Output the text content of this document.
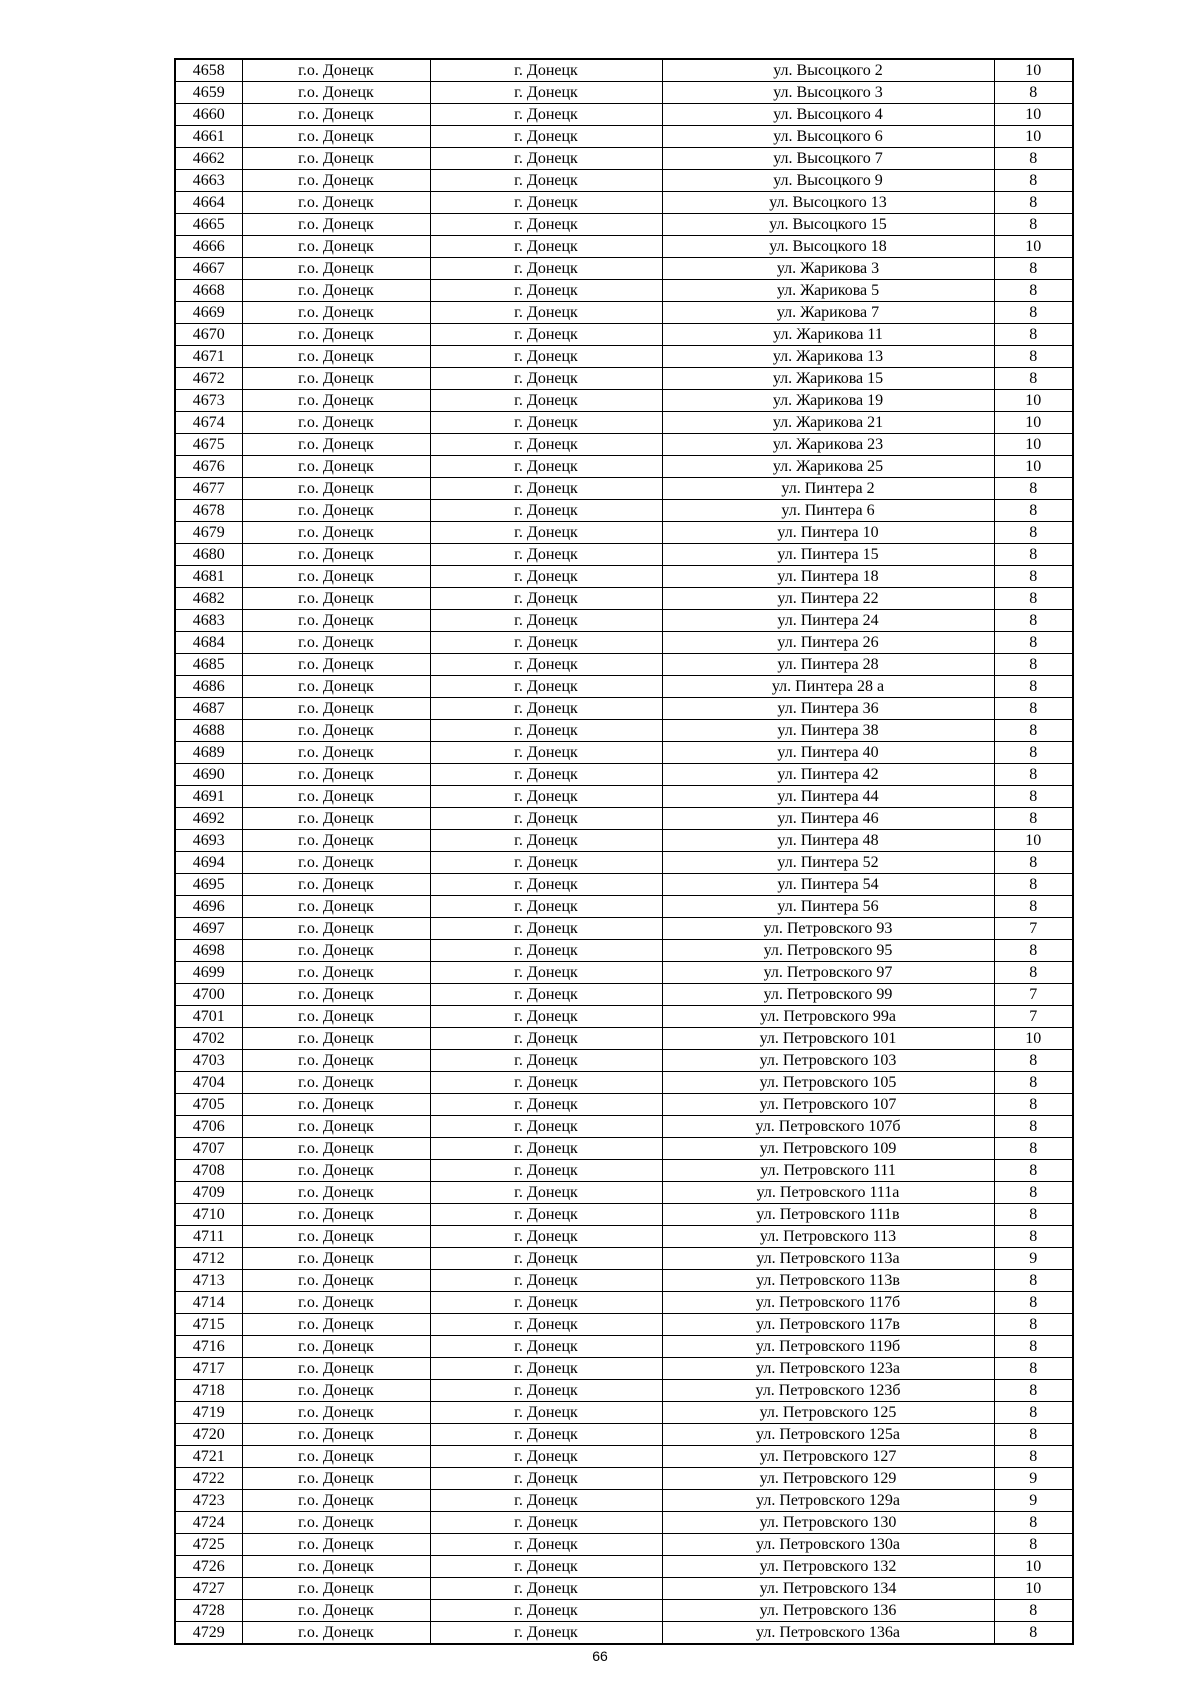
4658	г.о. Донецк	г. Донецк	ул. Высоцкого 2	10
4659	г.о. Донецк	г. Донецк	ул. Высоцкого 3	8
4660	г.о. Донецк	г. Донецк	ул. Высоцкого 4	10
4661	г.о. Донецк	г. Донецк	ул. Высоцкого 6	10
4662	г.о. Донецк	г. Донецк	ул. Высоцкого 7	8
4663	г.о. Донецк	г. Донецк	ул. Высоцкого 9	8
4664	г.о. Донецк	г. Донецк	ул. Высоцкого 13	8
4665	г.о. Донецк	г. Донецк	ул. Высоцкого 15	8
4666	г.о. Донецк	г. Донецк	ул. Высоцкого 18	10
4667	г.о. Донецк	г. Донецк	ул. Жарикова 3	8
4668	г.о. Донецк	г. Донецк	ул. Жарикова 5	8
4669	г.о. Донецк	г. Донецк	ул. Жарикова 7	8
4670	г.о. Донецк	г. Донецк	ул. Жарикова 11	8
4671	г.о. Донецк	г. Донецк	ул. Жарикова 13	8
4672	г.о. Донецк	г. Донецк	ул. Жарикова 15	8
4673	г.о. Донецк	г. Донецк	ул. Жарикова 19	10
4674	г.о. Донецк	г. Донецк	ул. Жарикова 21	10
4675	г.о. Донецк	г. Донецк	ул. Жарикова 23	10
4676	г.о. Донецк	г. Донецк	ул. Жарикова 25	10
4677	г.о. Донецк	г. Донецк	ул. Пинтера 2	8
4678	г.о. Донецк	г. Донецк	ул. Пинтера 6	8
4679	г.о. Донецк	г. Донецк	ул. Пинтера 10	8
4680	г.о. Донецк	г. Донецк	ул. Пинтера 15	8
4681	г.о. Донецк	г. Донецк	ул. Пинтера 18	8
4682	г.о. Донецк	г. Донецк	ул. Пинтера 22	8
4683	г.о. Донецк	г. Донецк	ул. Пинтера 24	8
4684	г.о. Донецк	г. Донецк	ул. Пинтера 26	8
4685	г.о. Донецк	г. Донецк	ул. Пинтера 28	8
4686	г.о. Донецк	г. Донецк	ул. Пинтера 28 а	8
4687	г.о. Донецк	г. Донецк	ул. Пинтера 36	8
4688	г.о. Донецк	г. Донецк	ул. Пинтера 38	8
4689	г.о. Донецк	г. Донецк	ул. Пинтера 40	8
4690	г.о. Донецк	г. Донецк	ул. Пинтера 42	8
4691	г.о. Донецк	г. Донецк	ул. Пинтера 44	8
4692	г.о. Донецк	г. Донецк	ул. Пинтера 46	8
4693	г.о. Донецк	г. Донецк	ул. Пинтера 48	10
4694	г.о. Донецк	г. Донецк	ул. Пинтера 52	8
4695	г.о. Донецк	г. Донецк	ул. Пинтера 54	8
4696	г.о. Донецк	г. Донецк	ул. Пинтера 56	8
4697	г.о. Донецк	г. Донецк	ул. Петровского 93	7
4698	г.о. Донецк	г. Донецк	ул. Петровского 95	8
4699	г.о. Донецк	г. Донецк	ул. Петровского 97	8
4700	г.о. Донецк	г. Донецк	ул. Петровского 99	7
4701	г.о. Донецк	г. Донецк	ул. Петровского 99а	7
4702	г.о. Донецк	г. Донецк	ул. Петровского 101	10
4703	г.о. Донецк	г. Донецк	ул. Петровского 103	8
4704	г.о. Донецк	г. Донецк	ул. Петровского 105	8
4705	г.о. Донецк	г. Донецк	ул. Петровского 107	8
4706	г.о. Донецк	г. Донецк	ул. Петровского 107б	8
4707	г.о. Донецк	г. Донецк	ул. Петровского 109	8
4708	г.о. Донецк	г. Донецк	ул. Петровского 111	8
4709	г.о. Донецк	г. Донецк	ул. Петровского 111а	8
4710	г.о. Донецк	г. Донецк	ул. Петровского 111в	8
4711	г.о. Донецк	г. Донецк	ул. Петровского 113	8
4712	г.о. Донецк	г. Донецк	ул. Петровского 113а	9
4713	г.о. Донецк	г. Донецк	ул. Петровского 113в	8
4714	г.о. Донецк	г. Донецк	ул. Петровского 117б	8
4715	г.о. Донецк	г. Донецк	ул. Петровского 117в	8
4716	г.о. Донецк	г. Донецк	ул. Петровского 119б	8
4717	г.о. Донецк	г. Донецк	ул. Петровского 123а	8
4718	г.о. Донецк	г. Донецк	ул. Петровского 123б	8
4719	г.о. Донецк	г. Донецк	ул. Петровского 125	8
4720	г.о. Донецк	г. Донецк	ул. Петровского 125а	8
4721	г.о. Донецк	г. Донецк	ул. Петровского 127	8
4722	г.о. Донецк	г. Донецк	ул. Петровского 129	9
4723	г.о. Донецк	г. Донецк	ул. Петровского 129а	9
4724	г.о. Донецк	г. Донецк	ул. Петровского 130	8
4725	г.о. Донецк	г. Донецк	ул. Петровского 130а	8
4726	г.о. Донецк	г. Донецк	ул. Петровского 132	10
4727	г.о. Донецк	г. Донецк	ул. Петровского 134	10
4728	г.о. Донецк	г. Донецк	ул. Петровского 136	8
4729	г.о. Донецк	г. Донецк	ул. Петровского 136а	8
66
